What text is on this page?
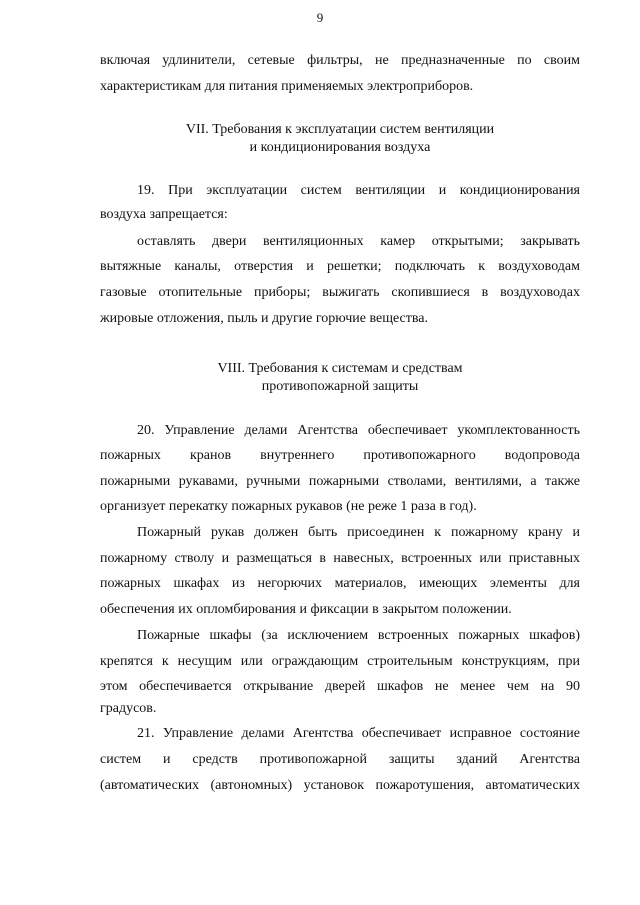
9
включая удлинители, сетевые фильтры, не предназначенные по своим
характеристикам для питания применяемых электроприборов.
VII. Требования к эксплуатации систем вентиляции
и кондиционирования воздуха
19. При эксплуатации систем вентиляции и кондиционирования
воздуха запрещается:
оставлять двери вентиляционных камер открытыми; закрывать
вытяжные каналы, отверстия и решетки; подключать к воздуховодам
газовые отопительные приборы; выжигать скопившиеся в воздуховодах
жировые отложения, пыль и другие горючие вещества.
VIII. Требования к системам и средствам
противопожарной защиты
20. Управление делами Агентства обеспечивает укомплектованность
пожарных кранов внутреннего противопожарного водопровода
пожарными рукавами, ручными пожарными стволами, вентилями, а также
организует перекатку пожарных рукавов (не реже 1 раза в год).
Пожарный рукав должен быть присоединен к пожарному крану и
пожарному стволу и размещаться в навесных, встроенных или приставных
пожарных шкафах из негорючих материалов, имеющих элементы для
обеспечения их опломбирования и фиксации в закрытом положении.
Пожарные шкафы (за исключением встроенных пожарных шкафов)
крепятся к несущим или ограждающим строительным конструкциям, при
этом обеспечивается открывание дверей шкафов не менее чем на 90
градусов.
21. Управление делами Агентства обеспечивает исправное состояние
систем и средств противопожарной защиты зданий Агентства
(автоматических (автономных) установок пожаротушения, автоматических
